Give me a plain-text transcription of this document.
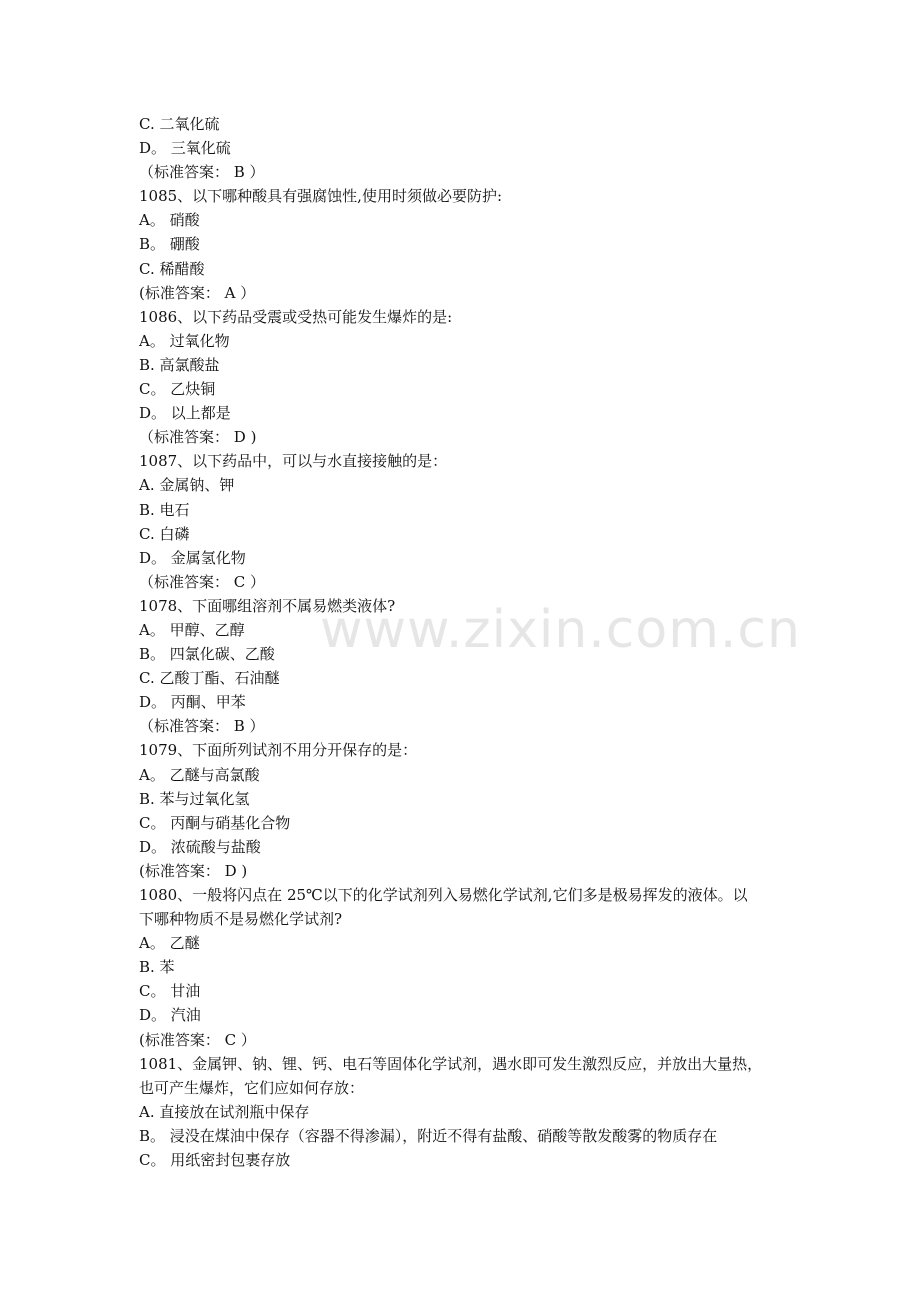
www.zixin.com.cn
C. 二氧化硫
D。 三氧化硫
（标准答案： B ）
1085、以下哪种酸具有强腐蚀性,使用时须做必要防护:
A。 硝酸
B。 硼酸
C. 稀醋酸
(标准答案： A ）
1086、以下药品受震或受热可能发生爆炸的是:
A。 过氧化物
B. 高氯酸盐
C。 乙炔铜
D。 以上都是
（标准答案： D )
1087、以下药品中，可以与水直接接触的是：
A. 金属钠、钾
B. 电石
C. 白磷
D。 金属氢化物
（标准答案： C ）
1078、下面哪组溶剂不属易燃类液体?
A。 甲醇、乙醇
B。 四氯化碳、乙酸
C. 乙酸丁酯、石油醚
D。 丙酮、甲苯
（标准答案： B ）
1079、下面所列试剂不用分开保存的是：
A。 乙醚与高氯酸
B. 苯与过氧化氢
C。 丙酮与硝基化合物
D。 浓硫酸与盐酸
(标准答案： D )
1080、一般将闪点在 25℃以下的化学试剂列入易燃化学试剂,它们多是极易挥发的液体。以
下哪种物质不是易燃化学试剂?
A。 乙醚
B. 苯
C。 甘油
D。 汽油
(标准答案： C ）
1081、金属钾、钠、锂、钙、电石等固体化学试剂，遇水即可发生激烈反应，并放出大量热，
也可产生爆炸，它们应如何存放：
A. 直接放在试剂瓶中保存
B。 浸没在煤油中保存（容器不得渗漏），附近不得有盐酸、硝酸等散发酸雾的物质存在
C。 用纸密封包裹存放
